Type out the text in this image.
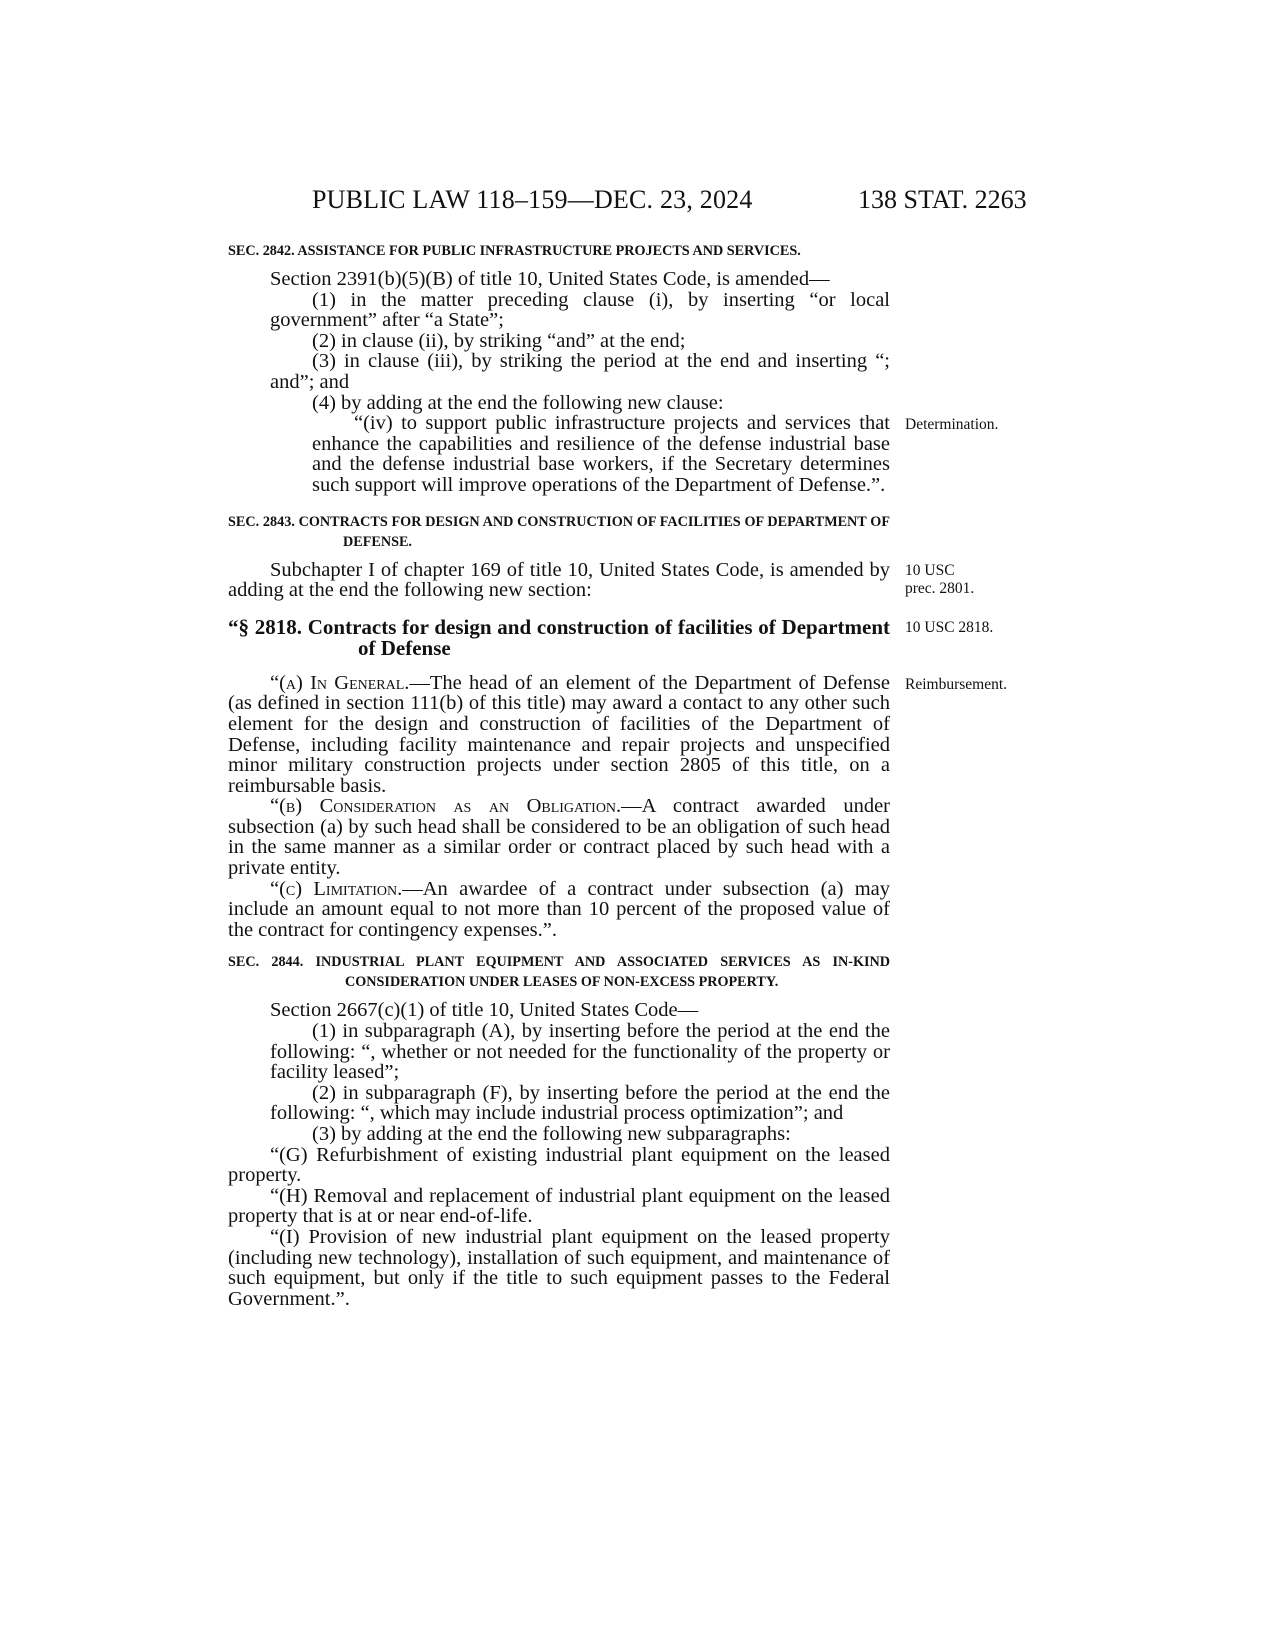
PUBLIC LAW 118–159—DEC. 23, 2024	138 STAT. 2263
SEC. 2842. ASSISTANCE FOR PUBLIC INFRASTRUCTURE PROJECTS AND SERVICES.

Section 2391(b)(5)(B) of title 10, United States Code, is amended—

(1) in the matter preceding clause (i), by inserting “or local government” after “a State”;

(2) in clause (ii), by striking “and” at the end;

(3) in clause (iii), by striking the period at the end and inserting “; and”; and

(4) by adding at the end the following new clause:

“(iv) to support public infrastructure projects and services that enhance the capabilities and resilience of the defense industrial base and the defense industrial base workers, if the Secretary determines such support will improve operations of the Department of Defense.”.

SEC. 2843. CONTRACTS FOR DESIGN AND CONSTRUCTION OF FACILITIES OF DEPARTMENT OF DEFENSE.

Subchapter I of chapter 169 of title 10, United States Code, is amended by adding at the end the following new section:

“§ 2818. Contracts for design and construction of facilities of Department of Defense

“(a) In General.—The head of an element of the Department of Defense (as defined in section 111(b) of this title) may award a contact to any other such element for the design and construction of facilities of the Department of Defense, including facility maintenance and repair projects and unspecified minor military construction projects under section 2805 of this title, on a reimbursable basis.

“(b) Consideration as an Obligation.—A contract awarded under subsection (a) by such head shall be considered to be an obligation of such head in the same manner as a similar order or contract placed by such head with a private entity.

“(c) Limitation.—An awardee of a contract under subsection (a) may include an amount equal to not more than 10 percent of the proposed value of the contract for contingency expenses.”.

SEC. 2844. INDUSTRIAL PLANT EQUIPMENT AND ASSOCIATED SERVICES AS IN-KIND CONSIDERATION UNDER LEASES OF NON-EXCESS PROPERTY.

Section 2667(c)(1) of title 10, United States Code—

(1) in subparagraph (A), by inserting before the period at the end the following: “, whether or not needed for the functionality of the property or facility leased”;

(2) in subparagraph (F), by inserting before the period at the end the following: “, which may include industrial process optimization”; and

(3) by adding at the end the following new subparagraphs:

“(G) Refurbishment of existing industrial plant equipment on the leased property.

“(H) Removal and replacement of industrial plant equipment on the leased property that is at or near end-of-life.

“(I) Provision of new industrial plant equipment on the leased property (including new technology), installation of such equipment, and maintenance of such equipment, but only if the title to such equipment passes to the Federal Government.”.

Determination.
10 USC
prec. 2801.
10 USC 2818.
Reimbursement.
